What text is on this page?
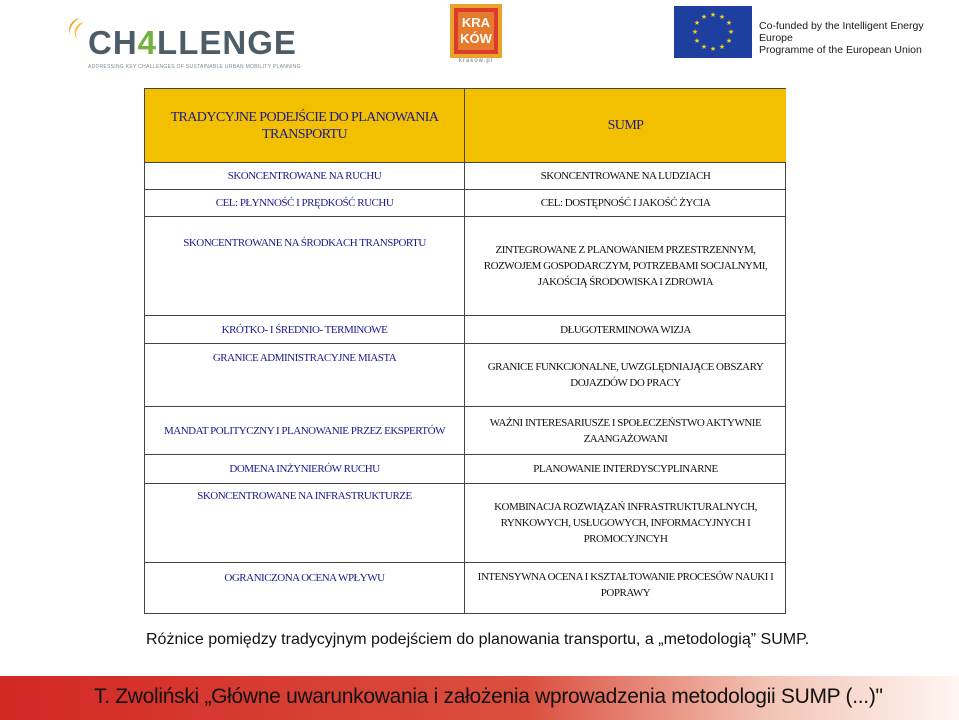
CH4LLENGE
ADDRESSING KEY CHALLENGES OF SUSTAINABLE URBAN MOBILITY PLANNING
KRA
KÓW
krakow.pl
★ ★
★
★
★
★
★
★
★
★
★
★
Co-funded by the Intelligent Energy
Europe
Programme of the European Union
TRADYCYJNE PODEJŚCIE DO PLANOWANIA TRANSPORTU
SKONCENTROWANE NA RUCHU
CEL: PŁYNNOŚĆ I PRĘDKOŚĆ RUCHU
SKONCENTROWANE NA ŚRODKACH TRANSPORTU
KRÓTKO- I ŚREDNIO- TERMINOWE
GRANICE ADMINISTRACYJNE MIASTA
MANDAT POLITYCZNY I PLANOWANIE PRZEZ EKSPERTÓW
DOMENA INŻYNIERÓW RUCHU
SKONCENTROWANE NA INFRASTRUKTURZE
OGRANICZONA OCENA WPŁYWU
SUMP
SKONCENTROWANE NA LUDZIACH
CEL: DOSTĘPNOŚĆ I JAKOŚĆ ŻYCIA
ZINTEGROWANE Z PLANOWANIEM PRZESTRZENNYM, ROZWOJEM GOSPODARCZYM, POTRZEBAMI SOCJALNYMI, JAKOŚCIĄ ŚRODOWISKA I ZDROWIA
DŁUGOTERMINOWA WIZJA
GRANICE FUNKCJONALNE, UWZGLĘDNIAJĄCE OBSZARY DOJAZDÓW DO PRACY
WAŻNI INTERESARIUSZE I SPOŁECZEŃSTWO AKTYWNIE ZAANGAŻOWANI
PLANOWANIE INTERDYSCYPLINARNE
KOMBINACJA ROZWIĄZAŃ INFRASTRUKTURALNYCH, RYNKOWYCH, USŁUGOWYCH, INFORMACYJNYCH I PROMOCYJNCYH
INTENSYWNA OCENA I KSZTAŁTOWANIE PROCESÓW NAUKI I POPRAWY
Różnice pomiędzy tradycyjnym podejściem do planowania transportu, a „metodologią” SUMP.
T. Zwoliński „Główne uwarunkowania i założenia wprowadzenia metodologii SUMP (...)"
